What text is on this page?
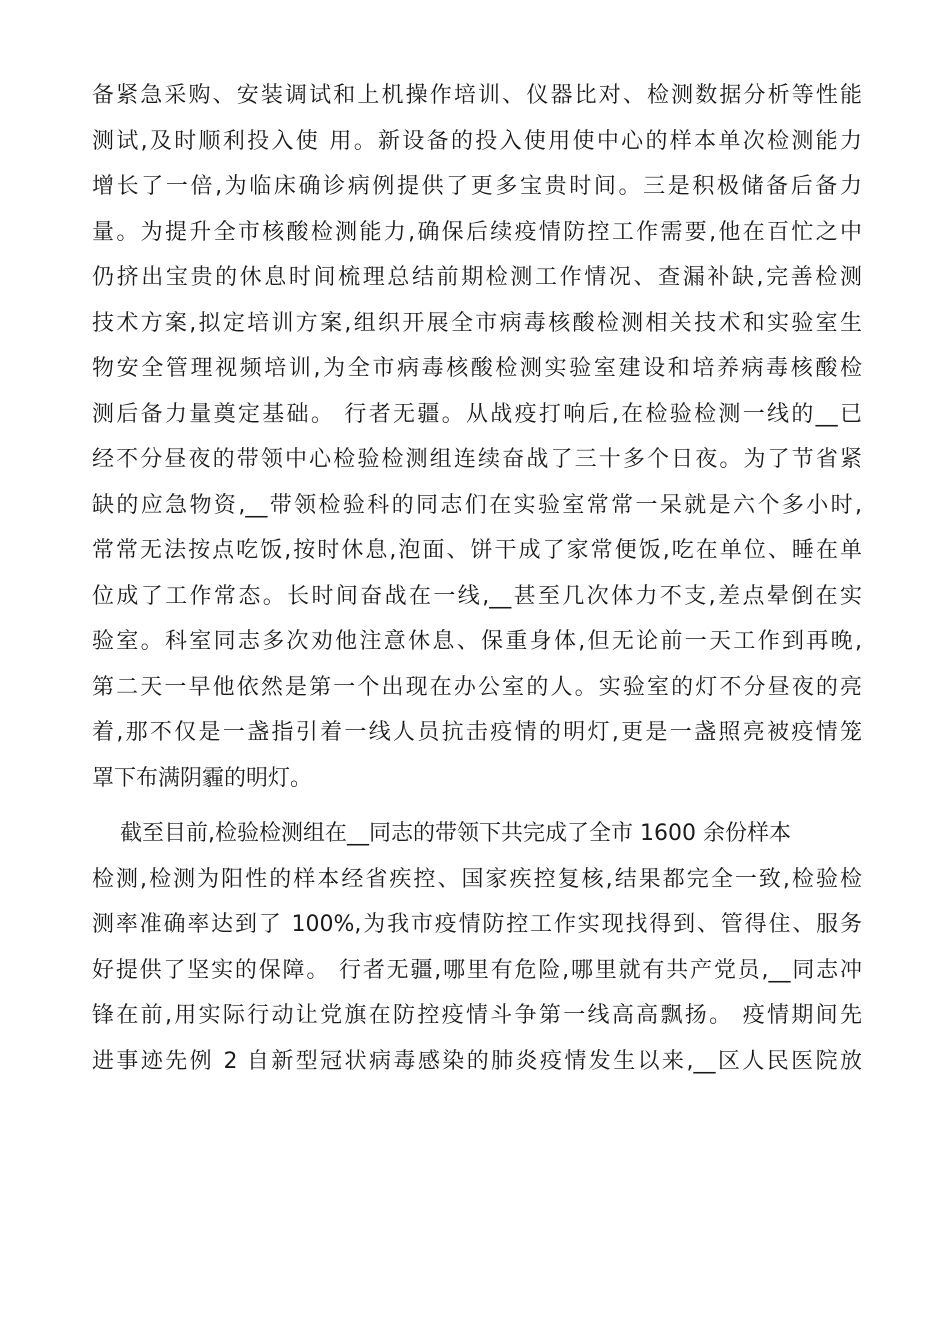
备紧急采购、安装调试和上机操作培训、仪器比对、检测数据分析等性能
测试,及时顺利投入使 用。新设备的投入使用使中心的样本单次检测能力
增长了一倍,为临床确诊病例提供了更多宝贵时间。三是积极储备后备力
量。为提升全市核酸检测能力,确保后续疫情防控工作需要,他在百忙之中
仍挤出宝贵的休息时间梳理总结前期检测工作情况、查漏补缺,完善检测
技术方案,拟定培训方案,组织开展全市病毒核酸检测相关技术和实验室生
物安全管理视频培训,为全市病毒核酸检测实验室建设和培养病毒核酸检
测后备力量奠定基础。 行者无疆。从战疫打响后,在检验检测一线的__已
经不分昼夜的带领中心检验检测组连续奋战了三十多个日夜。为了节省紧
缺的应急物资,__带领检验科的同志们在实验室常常一呆就是六个多小时,
常常无法按点吃饭,按时休息,泡面、饼干成了家常便饭,吃在单位、睡在单
位成了工作常态。长时间奋战在一线,__甚至几次体力不支,差点晕倒在实
验室。科室同志多次劝他注意休息、保重身体,但无论前一天工作到再晚,
第二天一早他依然是第一个出现在办公室的人。实验室的灯不分昼夜的亮
着,那不仅是一盏指引着一线人员抗击疫情的明灯,更是一盏照亮被疫情笼
罩下布满阴霾的明灯。
截至目前,检验检测组在__同志的带领下共完成了全市 1600 余份样本
检测,检测为阳性的样本经省疾控、国家疾控复核,结果都完全一致,检验检
测率准确率达到了 100%,为我市疫情防控工作实现找得到、管得住、服务
好提供了坚实的保障。 行者无疆,哪里有危险,哪里就有共产党员,__同志冲
锋在前,用实际行动让党旗在防控疫情斗争第一线高高飘扬。 疫情期间先
进事迹先例 2 自新型冠状病毒感染的肺炎疫情发生以来,__区人民医院放
